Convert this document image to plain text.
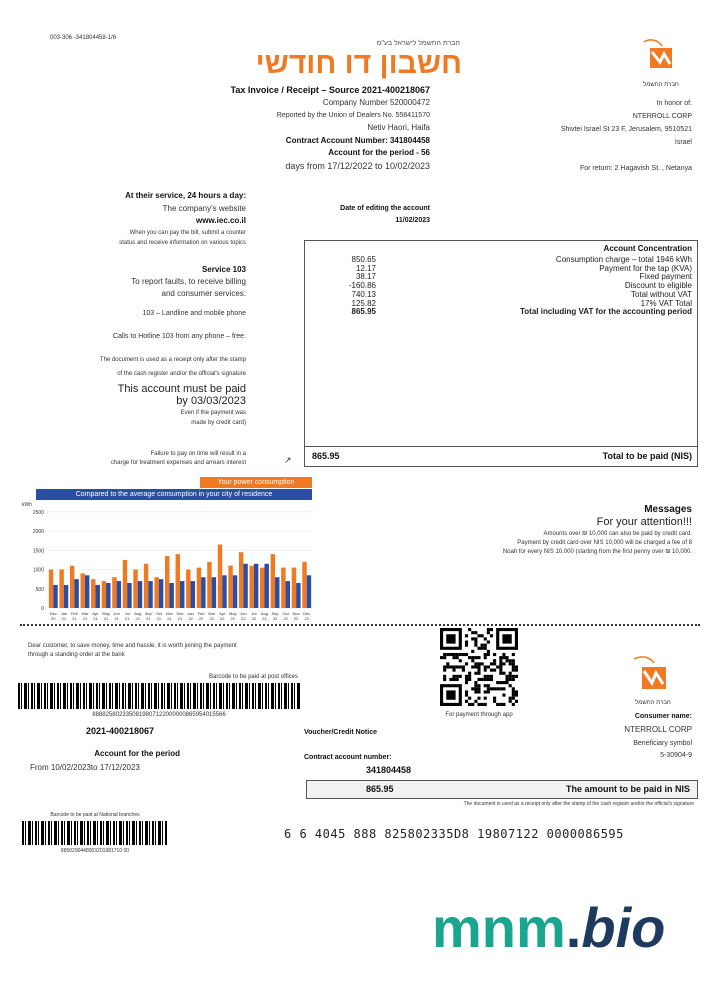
003-306 -341804458-1/6
חברת החשמל לישראל בע"מ
חשבון דו חודשי
חברת החשמל
Tax Invoice / Receipt – Source 2021-400218067
Company Number 520000472
Reported by the Union of Dealers No. 558411570
Netiv Haori, Haifa
Contract Account Number: 341804458
Account for the period - 56
days from 17/12/2022 to 10/02/2023
In honor of:
NTERROLL CORP
Shivtei Israel St 23 F, Jerusalem, 9510521
Israel
For return: 2 Hagavish St. , Netanya
At their service, 24 hours a day:
The company's website
www.iec.co.il
When you can pay the bill, submit a counter
status and receive information on various topics
Service 103
To report faults, to receive billing
and consumer services:
103 – Landline and mobile phone
Calls to Hotline 103 from any phone – free.
The document is used as a receipt only after the stamp
of the cash register and/or the official's signature
This account must be paid
by 03/03/2023
Even if the payment was
made by credit card)
Failure to pay on time will result in a
charge for treatment expenses and arrears interest
Date of editing the account
11/02/2023
Account Concentration
850.65	Consumption charge – total 1946 kWh
12.17	Payment for the tap (KVA)
38.17	Fixed payment
-160.86	Discount to eligible
740.13	Total without VAT
125.82	17% VAT Total
865.95	Total including VAT for the accounting period
865.95	Total to be paid (NIS)
↗
Your power consumption
Compared to the average consumption in your city of residence
kWh
2500
2000
1500
1000
500
0
Dec
20
Jan
21
Feb
21
Mar
21
Apr
21
May
21
Jun
21
Jul
21
Aug
21
Sep
21
Oct
21
Nov
21
Dec
21
Jan
22
Feb
22
Mar
22
Apr
22
May
22
Jun
22
Jul
22
Aug
22
Sep
22
Oct
22
Nov
22
Dec
22
Messages
For your attention!!!
Amounts over ₪ 10,000 can also be paid by credit card.
Payment by credit card over NIS 10,000 will be charged a fee of 8
Noah for every NIS 10,000 (starting from the first penny over ₪ 10,000.
Dear customer, to save money, time and hassle, it is worth joining the payment
through a standing order at the bank
Barcode to be paid at post offices
8888258023350819807122000000865954015566
2021-400218067
Account for the period
From 10/02/2023to 17/12/2023
For payment through app
Voucher/Credit Notice
Contract account number:
341804458
865.95	The amount to be paid in NIS
The document is used as a receipt only after the stamp of the cash register and/or the official's signature
חברת החשמל
Consumer name:
NTERROLL CORP
Beneficiary symbol
5-30904-9
Barcode to be paid at National branches
8850290448003201981710 00
6 6 4045 888 825802335D8 19807122 0000086595
mnm.bio
